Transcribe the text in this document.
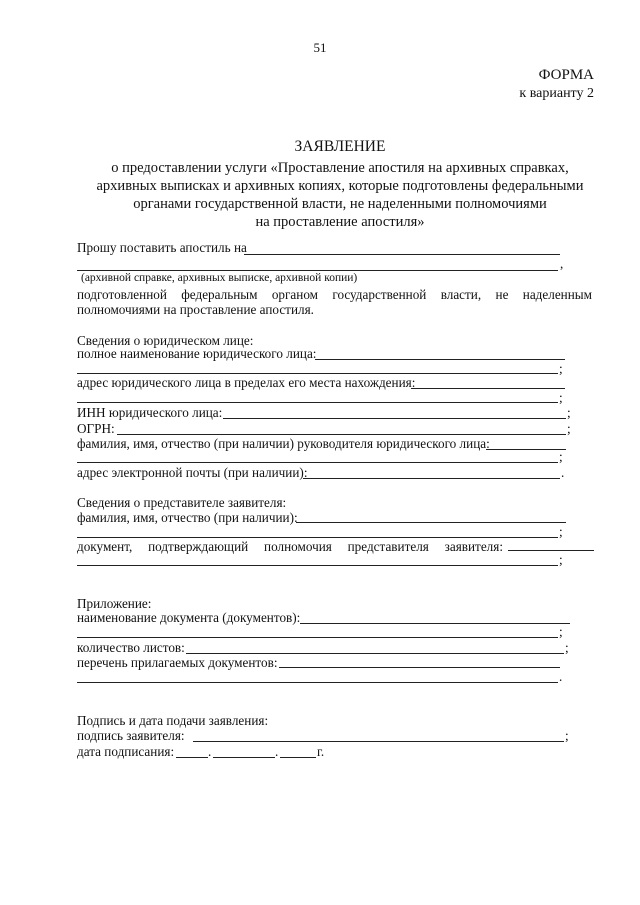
51
ФОРМА
к варианту 2
ЗАЯВЛЕНИЕ
о предоставлении услуги «Проставление апостиля на архивных справках,
архивных выписках и архивных копиях, которые подготовлены федеральными
органами государственной власти, не наделенными полномочиями
на проставление апостиля»
Прошу поставить апостиль на
,
(архивной справке, архивных выписке, архивной копии)
подготовленной федеральным органом государственной власти, не наделенным
полномочиями на проставление апостиля.
Сведения о юридическом лице:
полное наименование юридического лица:
;
адрес юридического лица в пределах его места нахождения:
;
ИНН юридического лица:	;
ОГРН:	;
фамилия, имя, отчество (при наличии) руководителя юридического лица:
;
адрес электронной почты (при наличии):	.
Сведения о представителе заявителя:
фамилия, имя, отчество (при наличии):
;
документ, подтверждающий полномочия представителя заявителя:
;
Приложение:
наименование документа (документов):
;
количество листов:	;
перечень прилагаемых документов:
.
Подпись и дата подачи заявления:
подпись заявителя:	;
дата подписания:	.	.	г.
